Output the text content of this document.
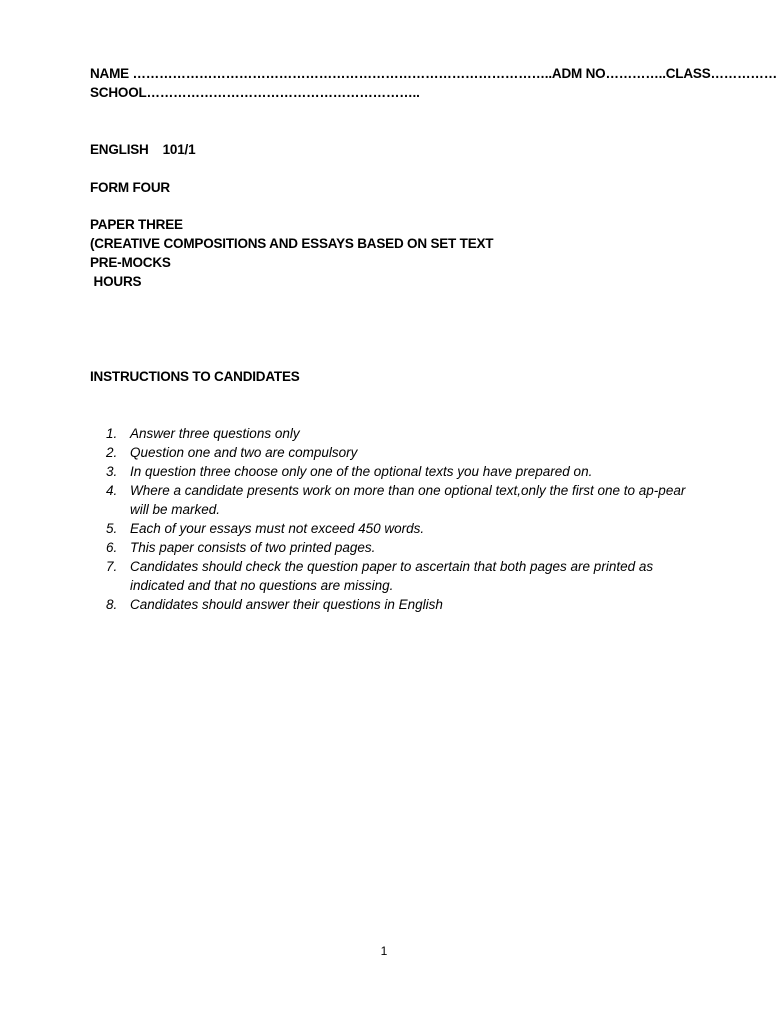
NAME …………………………………………………………………………………..ADM NO…………..CLASS……………
SCHOOL……………………………………………………..
ENGLISH 101/1
FORM FOUR
PAPER THREE
(CREATIVE COMPOSITIONS AND ESSAYS BASED ON SET TEXT
PRE-MOCKS
HOURS
INSTRUCTIONS TO CANDIDATES
1. Answer three questions only
2. Question one and two are compulsory
3. In question three choose only one of the optional texts you have prepared on.
4. Where a candidate presents work on more than one optional text,only the first one to ap-pear will be marked.
5. Each of your essays must not exceed 450 words.
6. This paper consists of two printed pages.
7. Candidates should check the question paper to ascertain that both pages are printed as indicated and that no questions are missing.
8. Candidates should answer their questions in English
1
